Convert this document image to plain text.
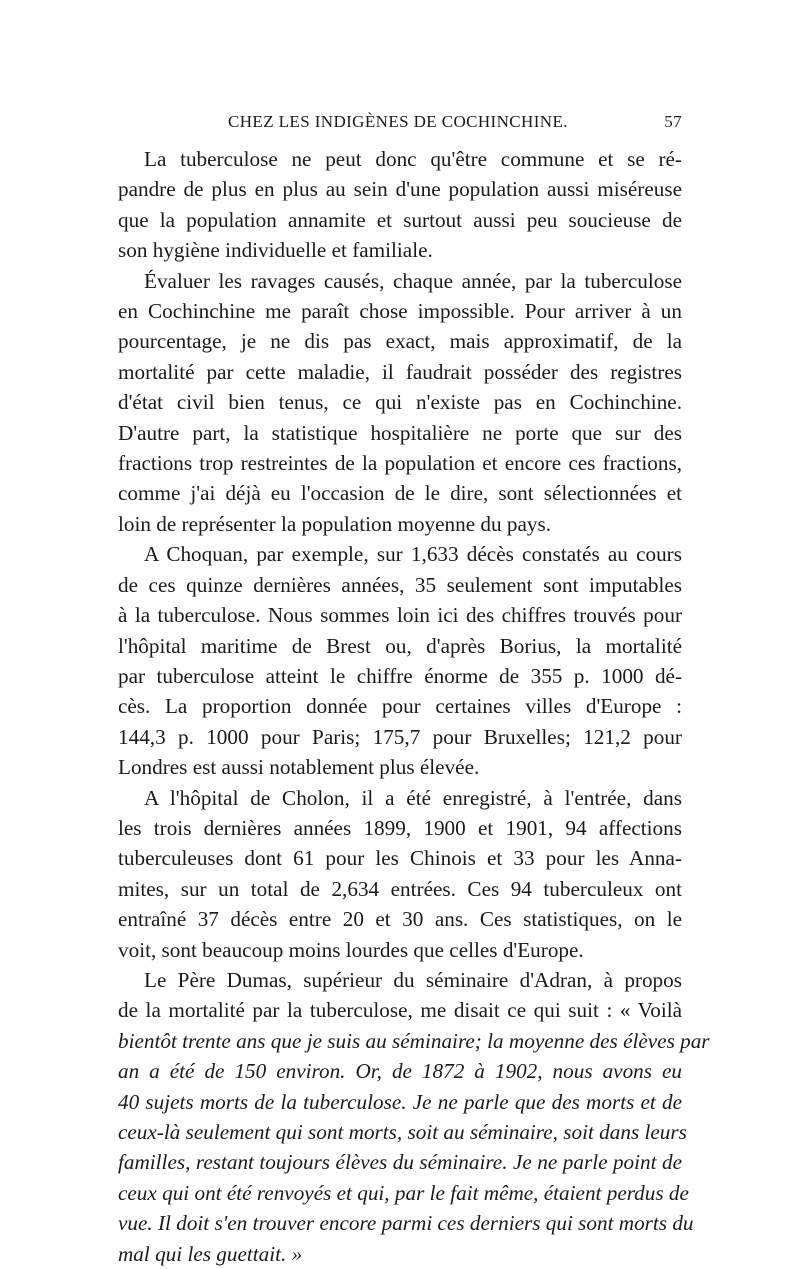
CHEZ LES INDIGÈNES DE COCHINCHINE.	57
La tuberculose ne peut donc qu'être commune et se ré-
pandre de plus en plus au sein d'une population aussi miséreuse
que la population annamite et surtout aussi peu soucieuse de
son hygiène individuelle et familiale.
Évaluer les ravages causés, chaque année, par la tuberculose
en Cochinchine me paraît chose impossible. Pour arriver à un
pourcentage, je ne dis pas exact, mais approximatif, de la
mortalité par cette maladie, il faudrait posséder des registres
d'état civil bien tenus, ce qui n'existe pas en Cochinchine.
D'autre part, la statistique hospitalière ne porte que sur des
fractions trop restreintes de la population et encore ces fractions,
comme j'ai déjà eu l'occasion de le dire, sont sélectionnées et
loin de représenter la population moyenne du pays.
A Choquan, par exemple, sur 1,633 décès constatés au cours
de ces quinze dernières années, 35 seulement sont imputables
à la tuberculose. Nous sommes loin ici des chiffres trouvés pour
l'hôpital maritime de Brest ou, d'après Borius, la mortalité
par tuberculose atteint le chiffre énorme de 355 p. 1000 dé-
cès. La proportion donnée pour certaines villes d'Europe :
144,3 p. 1000 pour Paris; 175,7 pour Bruxelles; 121,2 pour
Londres est aussi notablement plus élevée.
A l'hôpital de Cholon, il a été enregistré, à l'entrée, dans
les trois dernières années 1899, 1900 et 1901, 94 affections
tuberculeuses dont 61 pour les Chinois et 33 pour les Anna-
mites, sur un total de 2,634 entrées. Ces 94 tuberculeux ont
entraîné 37 décès entre 20 et 30 ans. Ces statistiques, on le
voit, sont beaucoup moins lourdes que celles d'Europe.
Le Père Dumas, supérieur du séminaire d'Adran, à propos
de la mortalité par la tuberculose, me disait ce qui suit : « Voilà
bientôt trente ans que je suis au séminaire; la moyenne des élèves par
an a été de 150 environ. Or, de 1872 à 1902, nous avons eu
40 sujets morts de la tuberculose. Je ne parle que des morts et de
ceux-là seulement qui sont morts, soit au séminaire, soit dans leurs
familles, restant toujours élèves du séminaire. Je ne parle point de
ceux qui ont été renvoyés et qui, par le fait même, étaient perdus de
vue. Il doit s'en trouver encore parmi ces derniers qui sont morts du
mal qui les guettait. »
